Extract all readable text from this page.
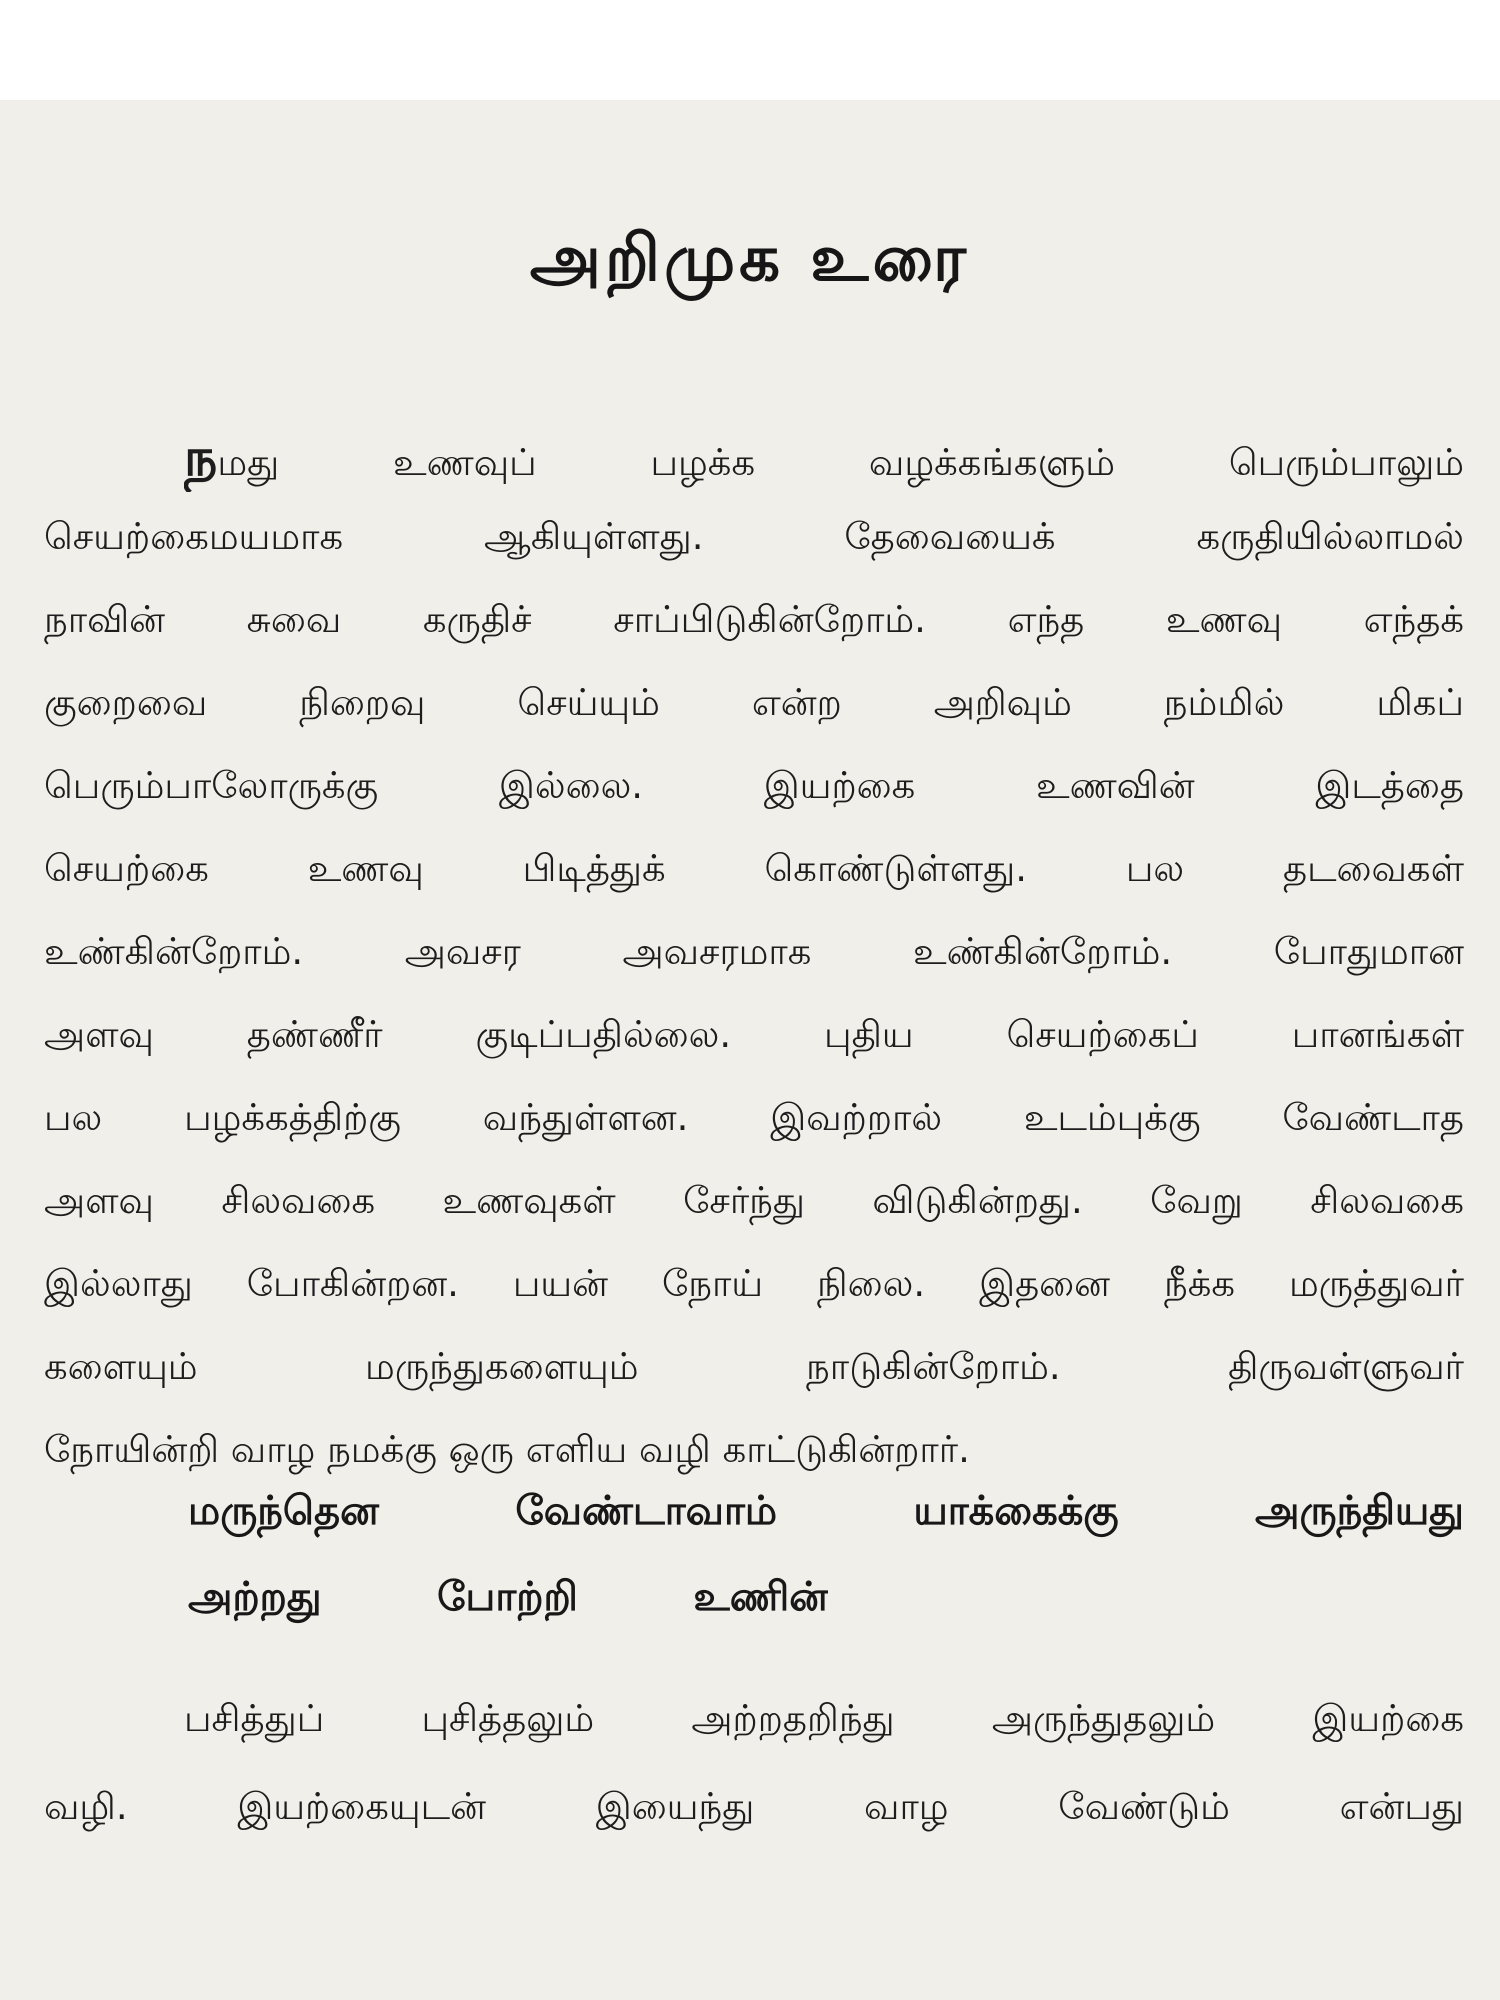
அறிமுக உரை
நமது உணவுப் பழக்க வழக்கங்களும் பெரும்பாலும்
செயற்கைமயமாக ஆகியுள்ளது. தேவையைக் கருதியில்லாமல்
நாவின் சுவை கருதிச் சாப்பிடுகின்றோம். எந்த உணவு எந்தக்
குறைவை நிறைவு செய்யும் என்ற அறிவும் நம்மில் மிகப்
பெரும்பாலோருக்கு இல்லை. இயற்கை உணவின் இடத்தை
செயற்கை உணவு பிடித்துக் கொண்டுள்ளது. பல தடவைகள்
உண்கின்றோம். அவசர அவசரமாக உண்கின்றோம். போதுமான
அளவு தண்ணீர் குடிப்பதில்லை. புதிய செயற்கைப் பானங்கள்
பல பழக்கத்திற்கு வந்துள்ளன. இவற்றால் உடம்புக்கு வேண்டாத
அளவு சிலவகை உணவுகள் சேர்ந்து விடுகின்றது. வேறு சிலவகை
இல்லாது போகின்றன. பயன் நோய் நிலை. இதனை நீக்க மருத்துவர்
களையும் மருந்துகளையும் நாடுகின்றோம். திருவள்ளுவர்
நோயின்றி வாழ நமக்கு ஒரு எளிய வழி காட்டுகின்றார்.
மருந்தென வேண்டாவாம் யாக்கைக்கு அருந்தியது
அற்றது போற்றி உணின்
பசித்துப் புசித்தலும் அற்றதறிந்து அருந்துதலும் இயற்கை
வழி. இயற்கையுடன் இயைந்து வாழ வேண்டும் என்பது
